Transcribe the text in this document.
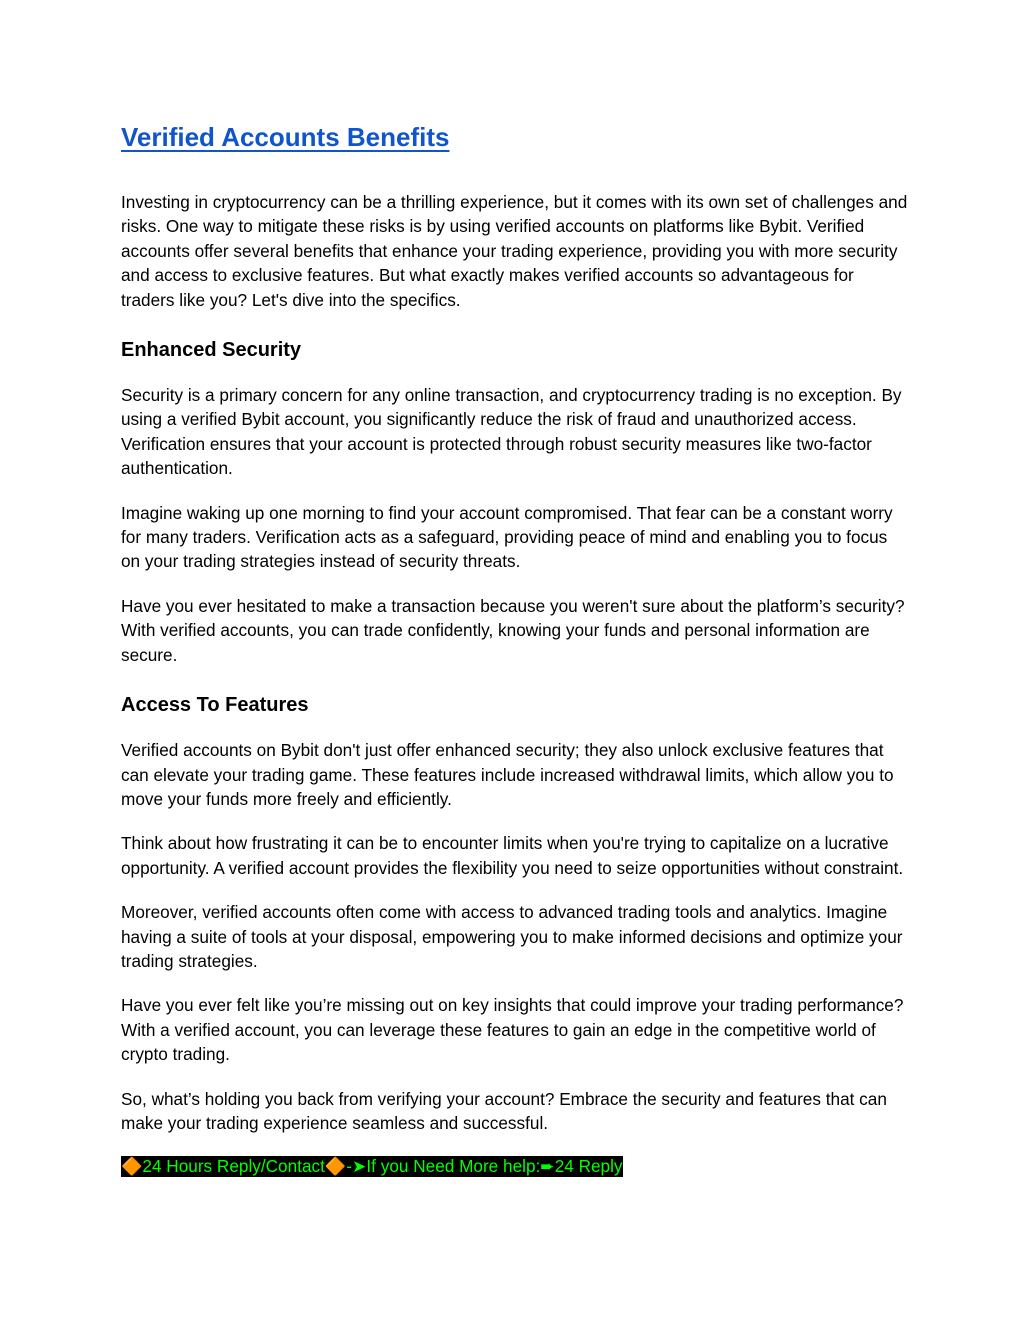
Verified Accounts Benefits

Investing in cryptocurrency can be a thrilling experience, but it comes with its own set of challenges and risks. One way to mitigate these risks is by using verified accounts on platforms like Bybit. Verified accounts offer several benefits that enhance your trading experience, providing you with more security and access to exclusive features. But what exactly makes verified accounts so advantageous for traders like you? Let's dive into the specifics.

Enhanced Security

Security is a primary concern for any online transaction, and cryptocurrency trading is no exception. By using a verified Bybit account, you significantly reduce the risk of fraud and unauthorized access. Verification ensures that your account is protected through robust security measures like two-factor authentication.

Imagine waking up one morning to find your account compromised. That fear can be a constant worry for many traders. Verification acts as a safeguard, providing peace of mind and enabling you to focus on your trading strategies instead of security threats.

Have you ever hesitated to make a transaction because you weren't sure about the platform’s security? With verified accounts, you can trade confidently, knowing your funds and personal information are secure.

Access To Features

Verified accounts on Bybit don't just offer enhanced security; they also unlock exclusive features that can elevate your trading game. These features include increased withdrawal limits, which allow you to move your funds more freely and efficiently.

Think about how frustrating it can be to encounter limits when you're trying to capitalize on a lucrative opportunity. A verified account provides the flexibility you need to seize opportunities without constraint.

Moreover, verified accounts often come with access to advanced trading tools and analytics. Imagine having a suite of tools at your disposal, empowering you to make informed decisions and optimize your trading strategies.

Have you ever felt like you’re missing out on key insights that could improve your trading performance? With a verified account, you can leverage these features to gain an edge in the competitive world of crypto trading.

So, what’s holding you back from verifying your account? Embrace the security and features that can make your trading experience seamless and successful.

🔶24 Hours Reply/Contact🔶-➤If you Need More help:➨24 Reply
